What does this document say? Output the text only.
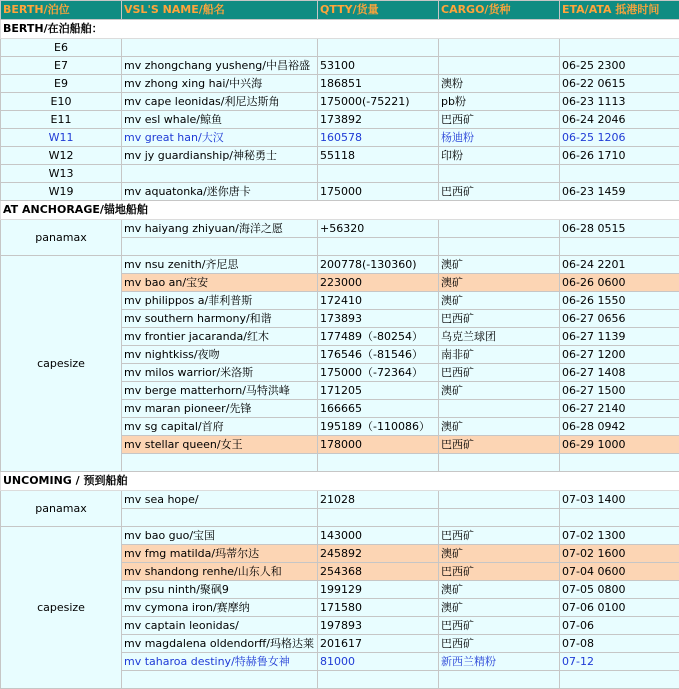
BERTH/泊位	VSL'S NAME/船名	QTTY/货量	CARGO/货种	ETA/ATA 抵港时间
BERTH/在泊船舶：				
E6				
E7	mv zhongchang yusheng/中昌裕盛	53100		06-25 2300
E9	mv zhong xing hai/中兴海	186851	澳粉	06-22 0615
E10	mv cape leonidas/利尼达斯角	175000(-75221)	pb粉	06-23 1113
E11	mv esl whale/鲸鱼	173892	巴西矿	06-24 2046
W11	mv great han/大汉	160578	杨迪粉	06-25 1206
W12	mv jy guardianship/神秘勇士	55118	印粉	06-26 1710
W13				
W19	mv aquatonka/迷你唐卡	175000	巴西矿	06-23 1459
AT ANCHORAGE/锚地船舶				
panamax	mv haiyang zhiyuan/海洋之愿	+56320		06-28 0515

capesize	mv nsu zenith/齐尼思	200778(-130360)	澳矿	06-24 2201
	mv bao an/宝安	223000	澳矿	06-26 0600
	mv philippos a/菲利普斯	172410	澳矿	06-26 1550
	mv southern harmony/和谐	173893	巴西矿	06-27 0656
	mv frontier jacaranda/红木	177489（-80254）	乌克兰球团	06-27 1139
	mv nightkiss/夜吻	176546（-81546）	南非矿	06-27 1200
	mv milos warrior/米洛斯	175000（-72364）	巴西矿	06-27 1408
	mv berge matterhorn/马特洪峰	171205	澳矿	06-27 1500
	mv maran pioneer/先锋	166665		06-27 2140
	mv sg capital/首府	195189（-110086）	澳矿	06-28 0942
	mv stellar queen/女王	178000	巴西矿	06-29 1000

UNCOMING / 预到船舶				
panamax	mv sea hope/	21028		07-03 1400

capesize	mv bao guo/宝国	143000	巴西矿	07-02 1300
	mv fmg matilda/玛蒂尔达	245892	澳矿	07-02 1600
	mv shandong renhe/山东人和	254368	巴西矿	07-04 0600
	mv psu ninth/聚砜9	199129	澳矿	07-05 0800
	mv cymona iron/赛摩纳	171580	澳矿	07-06 0100
	mv captain leonidas/	197893	巴西矿	07-06
	mv magdalena oldendorff/玛格达莱	201617	巴西矿	07-08
	mv taharoa destiny/特赫鲁女神	81000	新西兰精粉	07-12
